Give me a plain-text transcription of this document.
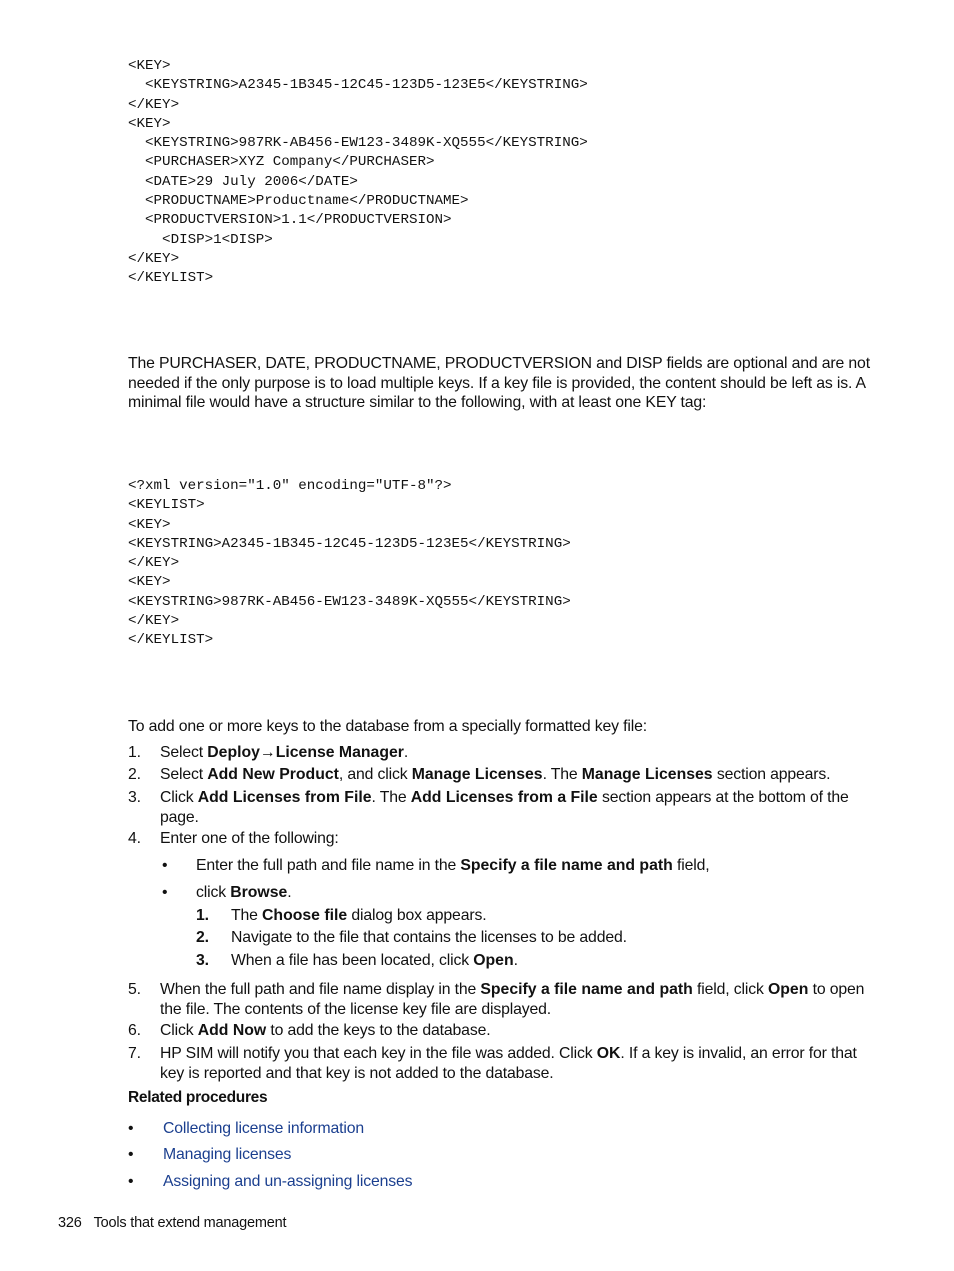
<KEY>
<KEYSTRING>A2345-1B345-12C45-123D5-123E5</KEYSTRING>
</KEY>
<KEY>
<KEYSTRING>987RK-AB456-EW123-3489K-XQ555</KEYSTRING>
<PURCHASER>XYZ Company</PURCHASER>
<DATE>29 July 2006</DATE>
<PRODUCTNAME>Productname</PRODUCTNAME>
<PRODUCTVERSION>1.1</PRODUCTVERSION>
<DISP>1<DISP>
</KEY>
</KEYLIST>

The PURCHASER, DATE, PRODUCTNAME, PRODUCTVERSION and DISP fields are optional and are not needed if the only purpose is to load multiple keys. If a key file is provided, the content should be left as is. A minimal file would have a structure similar to the following, with at least one KEY tag:

<?xml version="1.0" encoding="UTF-8"?>
<KEYLIST>
<KEY>
<KEYSTRING>A2345-1B345-12C45-123D5-123E5</KEYSTRING>
</KEY>
<KEY>
<KEYSTRING>987RK-AB456-EW123-3489K-XQ555</KEYSTRING>
</KEY>
</KEYLIST>

To add one or more keys to the database from a specially formatted key file:

1. Select Deploy→License Manager.
2. Select Add New Product, and click Manage Licenses. The Manage Licenses section appears.
3. Click Add Licenses from File. The Add Licenses from a File section appears at the bottom of the page.
4. Enter one of the following:
• Enter the full path and file name in the Specify a file name and path field,
• click Browse.
1. The Choose file dialog box appears.
2. Navigate to the file that contains the licenses to be added.
3. When a file has been located, click Open.
5. When the full path and file name display in the Specify a file name and path field, click Open to open the file. The contents of the license key file are displayed.
6. Click Add Now to add the keys to the database.
7. HP SIM will notify you that each key in the file was added. Click OK. If a key is invalid, an error for that key is reported and that key is not added to the database.
Related procedures
• Collecting license information
• Managing licenses
• Assigning and un-assigning licenses
326 Tools that extend management
